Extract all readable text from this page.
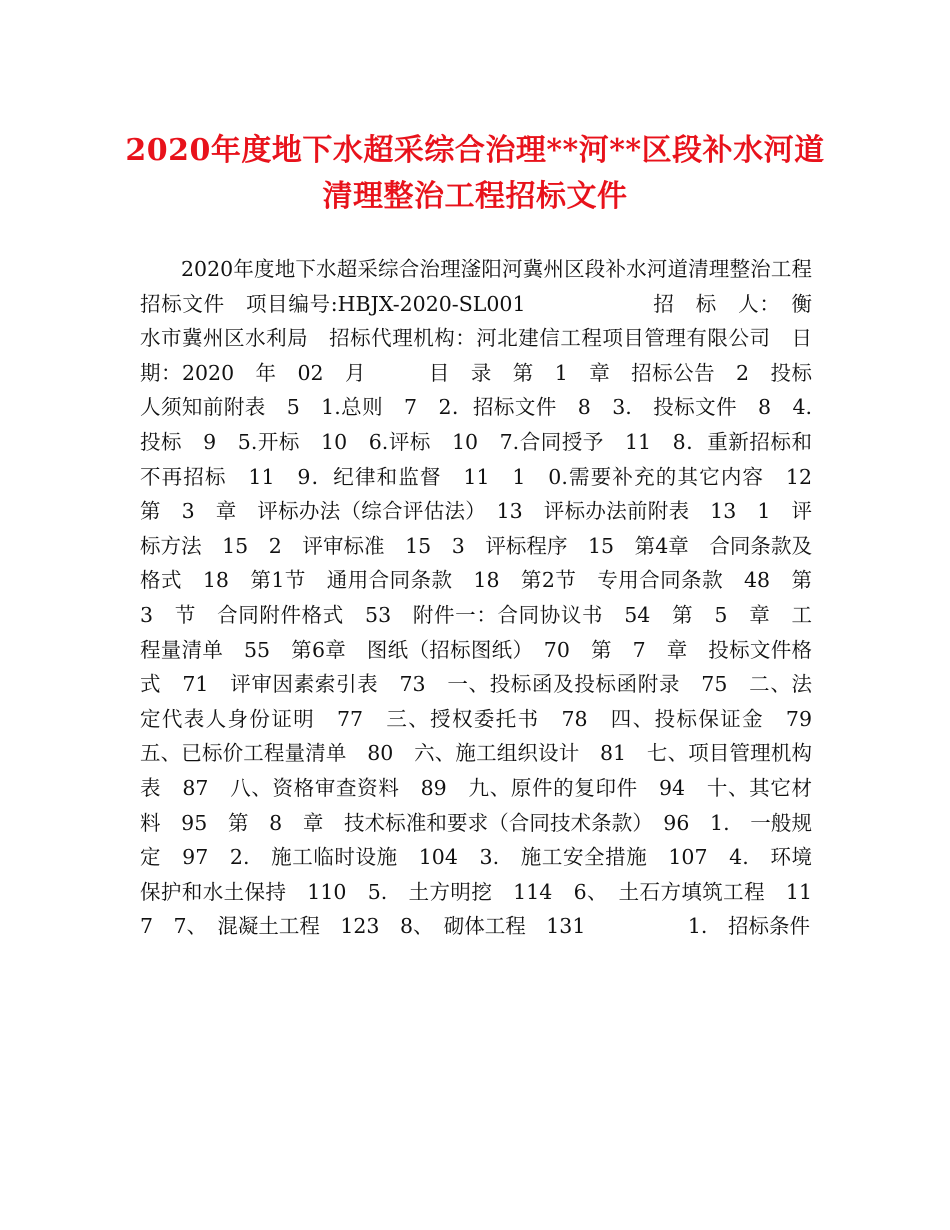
2020年度地下水超采综合治理**河**区段补水河道清理整治工程招标文件
2020年度地下水超采综合治理滏阳河冀州区段补水河道清理整治工程　招标文件　项目编号:HBJX-2020-SL001　　　　　　招　标　人：　衡水市冀州区水利局　招标代理机构：河北建信工程项目管理有限公司　日　期：2020　年　02　月　　　目　录　第　1　章　招标公告　2　投标人须知前附表　5　1.总则　7　2．招标文件　8　3.　投标文件　8　4.　投标　9　5.开标　10　6.评标　10　7.合同授予　11　8．重新招标和不再招标　11　9．纪律和监督　11　1　0.需要补充的其它内容　12　第　3　章　评标办法（综合评估法）　13　评标办法前附表　13　1　评标方法　15　2　评审标准　15　3　评标程序　15　第4章　合同条款及格式　18　第1节　通用合同条款　18　第2节　专用合同条款　48　第　3　节　合同附件格式　53　附件一：合同协议书　54　第　5　章　工程量清单　55　第6章　图纸（招标图纸）　70　第　7　章　投标文件格式　71　评审因素索引表　73　一、投标函及投标函附录　75　二、法定代表人身份证明　77　三、授权委托书　78　四、投标保证金　79　五、已标价工程量清单　80　六、施工组织设计　81　七、项目管理机构表　87　八、资格审查资料　89　九、原件的复印件　94　十、其它材料　95　第　8　章　技术标准和要求（合同技术条款）　96　1.　一般规定　97　2.　施工临时设施　104　3.　施工安全措施　107　4.　环境保护和水土保持　110　5.　土方明挖　114　6、　土石方填筑工程　117　7、　混凝土工程　123　8、　砌体工程　131　　　　　1.　招标条件
